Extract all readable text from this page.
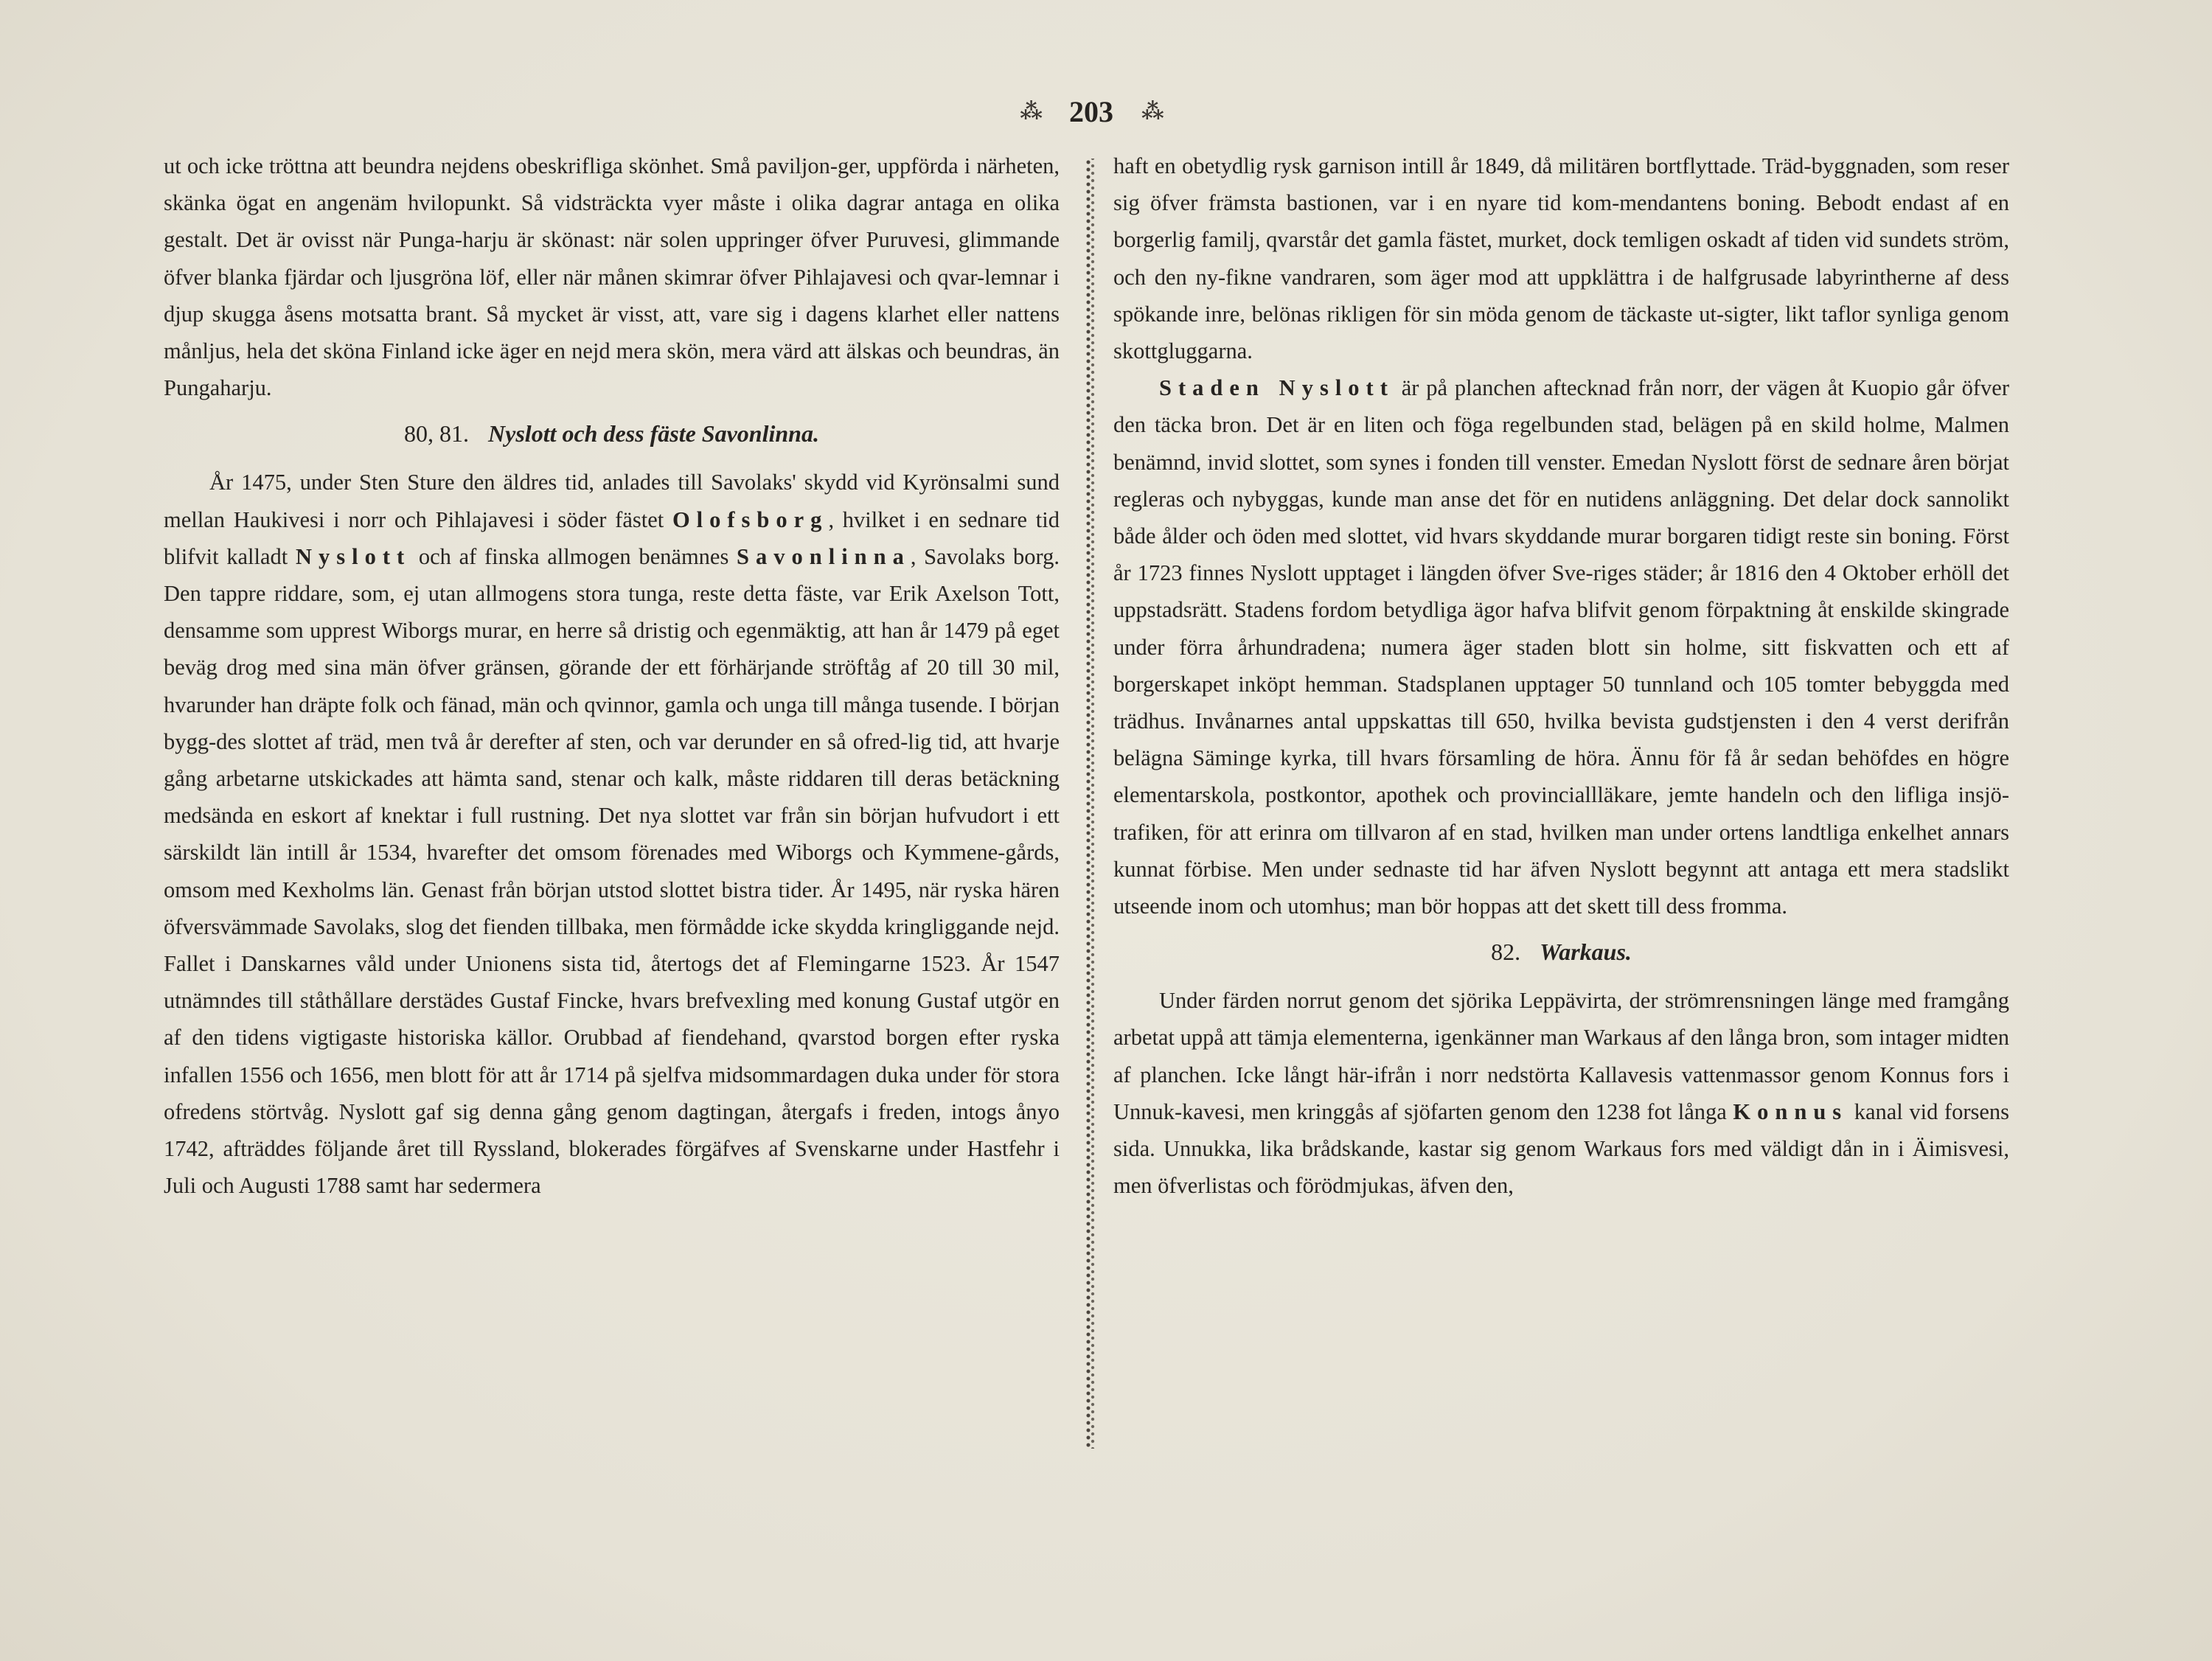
⁂ 203 ⁂

ut och icke tröttna att beundra nejdens obeskrifliga skönhet. Små paviljon-ger, uppförda i närheten, skänka ögat en angenäm hvilopunkt. Så vidsträckta vyer måste i olika dagrar antaga en olika gestalt. Det är ovisst när Punga-harju är skönast: när solen uppringer öfver Puruvesi, glimmande öfver blanka fjärdar och ljusgröna löf, eller när månen skimrar öfver Pihlajavesi och qvar-lemnar i djup skugga åsens motsatta brant. Så mycket är visst, att, vare sig i dagens klarhet eller nattens månljus, hela det sköna Finland icke äger en nejd mera skön, mera värd att älskas och beundras, än Pungaharju.

80, 81. Nyslott och dess fäste Savonlinna.

År 1475, under Sten Sture den äldres tid, anlades till Savolaks' skydd vid Kyrönsalmi sund mellan Haukivesi i norr och Pihlajavesi i söder fästet Olofsborg, hvilket i en sednare tid blifvit kalladt Nyslott och af finska allmogen benämnes Savonlinna, Savolaks borg. Den tappre riddare, som, ej utan allmogens stora tunga, reste detta fäste, var Erik Axelson Tott, densamme som upprest Wiborgs murar, en herre så dristig och egenmäktig, att han år 1479 på eget beväg drog med sina män öfver gränsen, görande der ett förhärjande ströftåg af 20 till 30 mil, hvarunder han dräpte folk och fänad, män och qvinnor, gamla och unga till många tusende. I början bygg-des slottet af träd, men två år derefter af sten, och var derunder en så ofred-lig tid, att hvarje gång arbetarne utskickades att hämta sand, stenar och kalk, måste riddaren till deras betäckning medsända en eskort af knektar i full rustning. Det nya slottet var från sin början hufvudort i ett särskildt län intill år 1534, hvarefter det omsom förenades med Wiborgs och Kymmene-gårds, omsom med Kexholms län. Genast från början utstod slottet bistra tider. År 1495, när ryska hären öfversvämmade Savolaks, slog det fienden tillbaka, men förmådde icke skydda kringliggande nejd. Fallet i Danskarnes våld under Unionens sista tid, återtogs det af Flemingarne 1523. År 1547 utnämndes till ståthållare derstädes Gustaf Fincke, hvars brefvexling med konung Gustaf utgör en af den tidens vigtigaste historiska källor. Orubbad af fiendehand, qvarstod borgen efter ryska infallen 1556 och 1656, men blott för att år 1714 på sjelfva midsommardagen duka under för stora ofredens störtvåg. Nyslott gaf sig denna gång genom dagtingan, återgafs i freden, intogs ånyo 1742, afträddes följande året till Ryssland, blokerades förgäfves af Svenskarne under Hastfehr i Juli och Augusti 1788 samt har sedermera

haft en obetydlig rysk garnison intill år 1849, då militären bortflyttade. Träd-byggnaden, som reser sig öfver främsta bastionen, var i en nyare tid kom-mendantens boning. Bebodt endast af en borgerlig familj, qvarstår det gamla fästet, murket, dock temligen oskadt af tiden vid sundets ström, och den ny-fikne vandraren, som äger mod att uppklättra i de halfgrusade labyrintherne af dess spökande inre, belönas rikligen för sin möda genom de täckaste ut-sigter, likt taflor synliga genom skottgluggarna.

Staden Nyslott är på planchen aftecknad från norr, der vägen åt Kuopio går öfver den täcka bron. Det är en liten och föga regelbunden stad, belägen på en skild holme, Malmen benämnd, invid slottet, som synes i fonden till venster. Emedan Nyslott först de sednare åren börjat regleras och nybyggas, kunde man anse det för en nutidens anläggning. Det delar dock sannolikt både ålder och öden med slottet, vid hvars skyddande murar borgaren tidigt reste sin boning. Först år 1723 finnes Nyslott upptaget i längden öfver Sve-riges städer; år 1816 den 4 Oktober erhöll det uppstadsrätt. Stadens fordom betydliga ägor hafva blifvit genom förpaktning åt enskilde skingrade under förra århundradena; numera äger staden blott sin holme, sitt fiskvatten och ett af borgerskapet inköpt hemman. Stadsplanen upptager 50 tunnland och 105 tomter bebyggda med trädhus. Invånarnes antal uppskattas till 650, hvilka bevista gudstjensten i den 4 verst derifrån belägna Säminge kyrka, till hvars församling de höra. Ännu för få år sedan behöfdes en högre elementarskola, postkontor, apothek och provinciallläkare, jemte handeln och den lifliga insjö-trafiken, för att erinra om tillvaron af en stad, hvilken man under ortens landtliga enkelhet annars kunnat förbise. Men under sednaste tid har äfven Nyslott begynnt att antaga ett mera stadslikt utseende inom och utomhus; man bör hoppas att det skett till dess fromma.

82. Warkaus.

Under färden norrut genom det sjörika Leppävirta, der strömrensningen länge med framgång arbetat uppå att tämja elementerna, igenkänner man Warkaus af den långa bron, som intager midten af planchen. Icke långt här-ifrån i norr nedstörta Kallavesis vattenmassor genom Konnus fors i Unnuk-kavesi, men kringgås af sjöfarten genom den 1238 fot långa Konnus kanal vid forsens sida. Unnukka, lika brådskande, kastar sig genom Warkaus fors med väldigt dån in i Äimisvesi, men öfverlistas och förödmjukas, äfven den,
